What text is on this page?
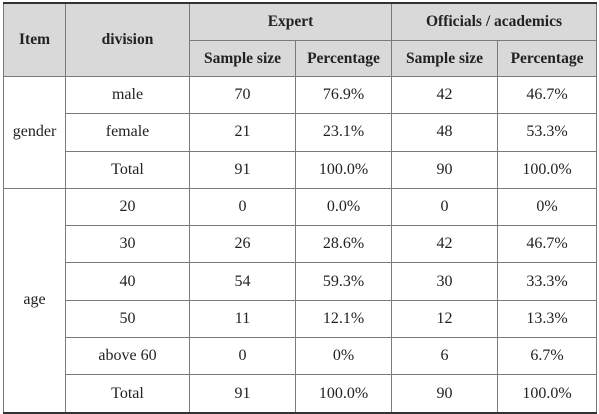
Item	division	Expert		Officials / academics	
		Sample size	Percentage	Sample size	Percentage
gender	male	70	76.9%	42	46.7%
	female	21	23.1%	48	53.3%
	Total	91	100.0%	90	100.0%
age	20	0	0.0%	0	0%
	30	26	28.6%	42	46.7%
	40	54	59.3%	30	33.3%
	50	11	12.1%	12	13.3%
	above 60	0	0%	6	6.7%
	Total	91	100.0%	90	100.0%
